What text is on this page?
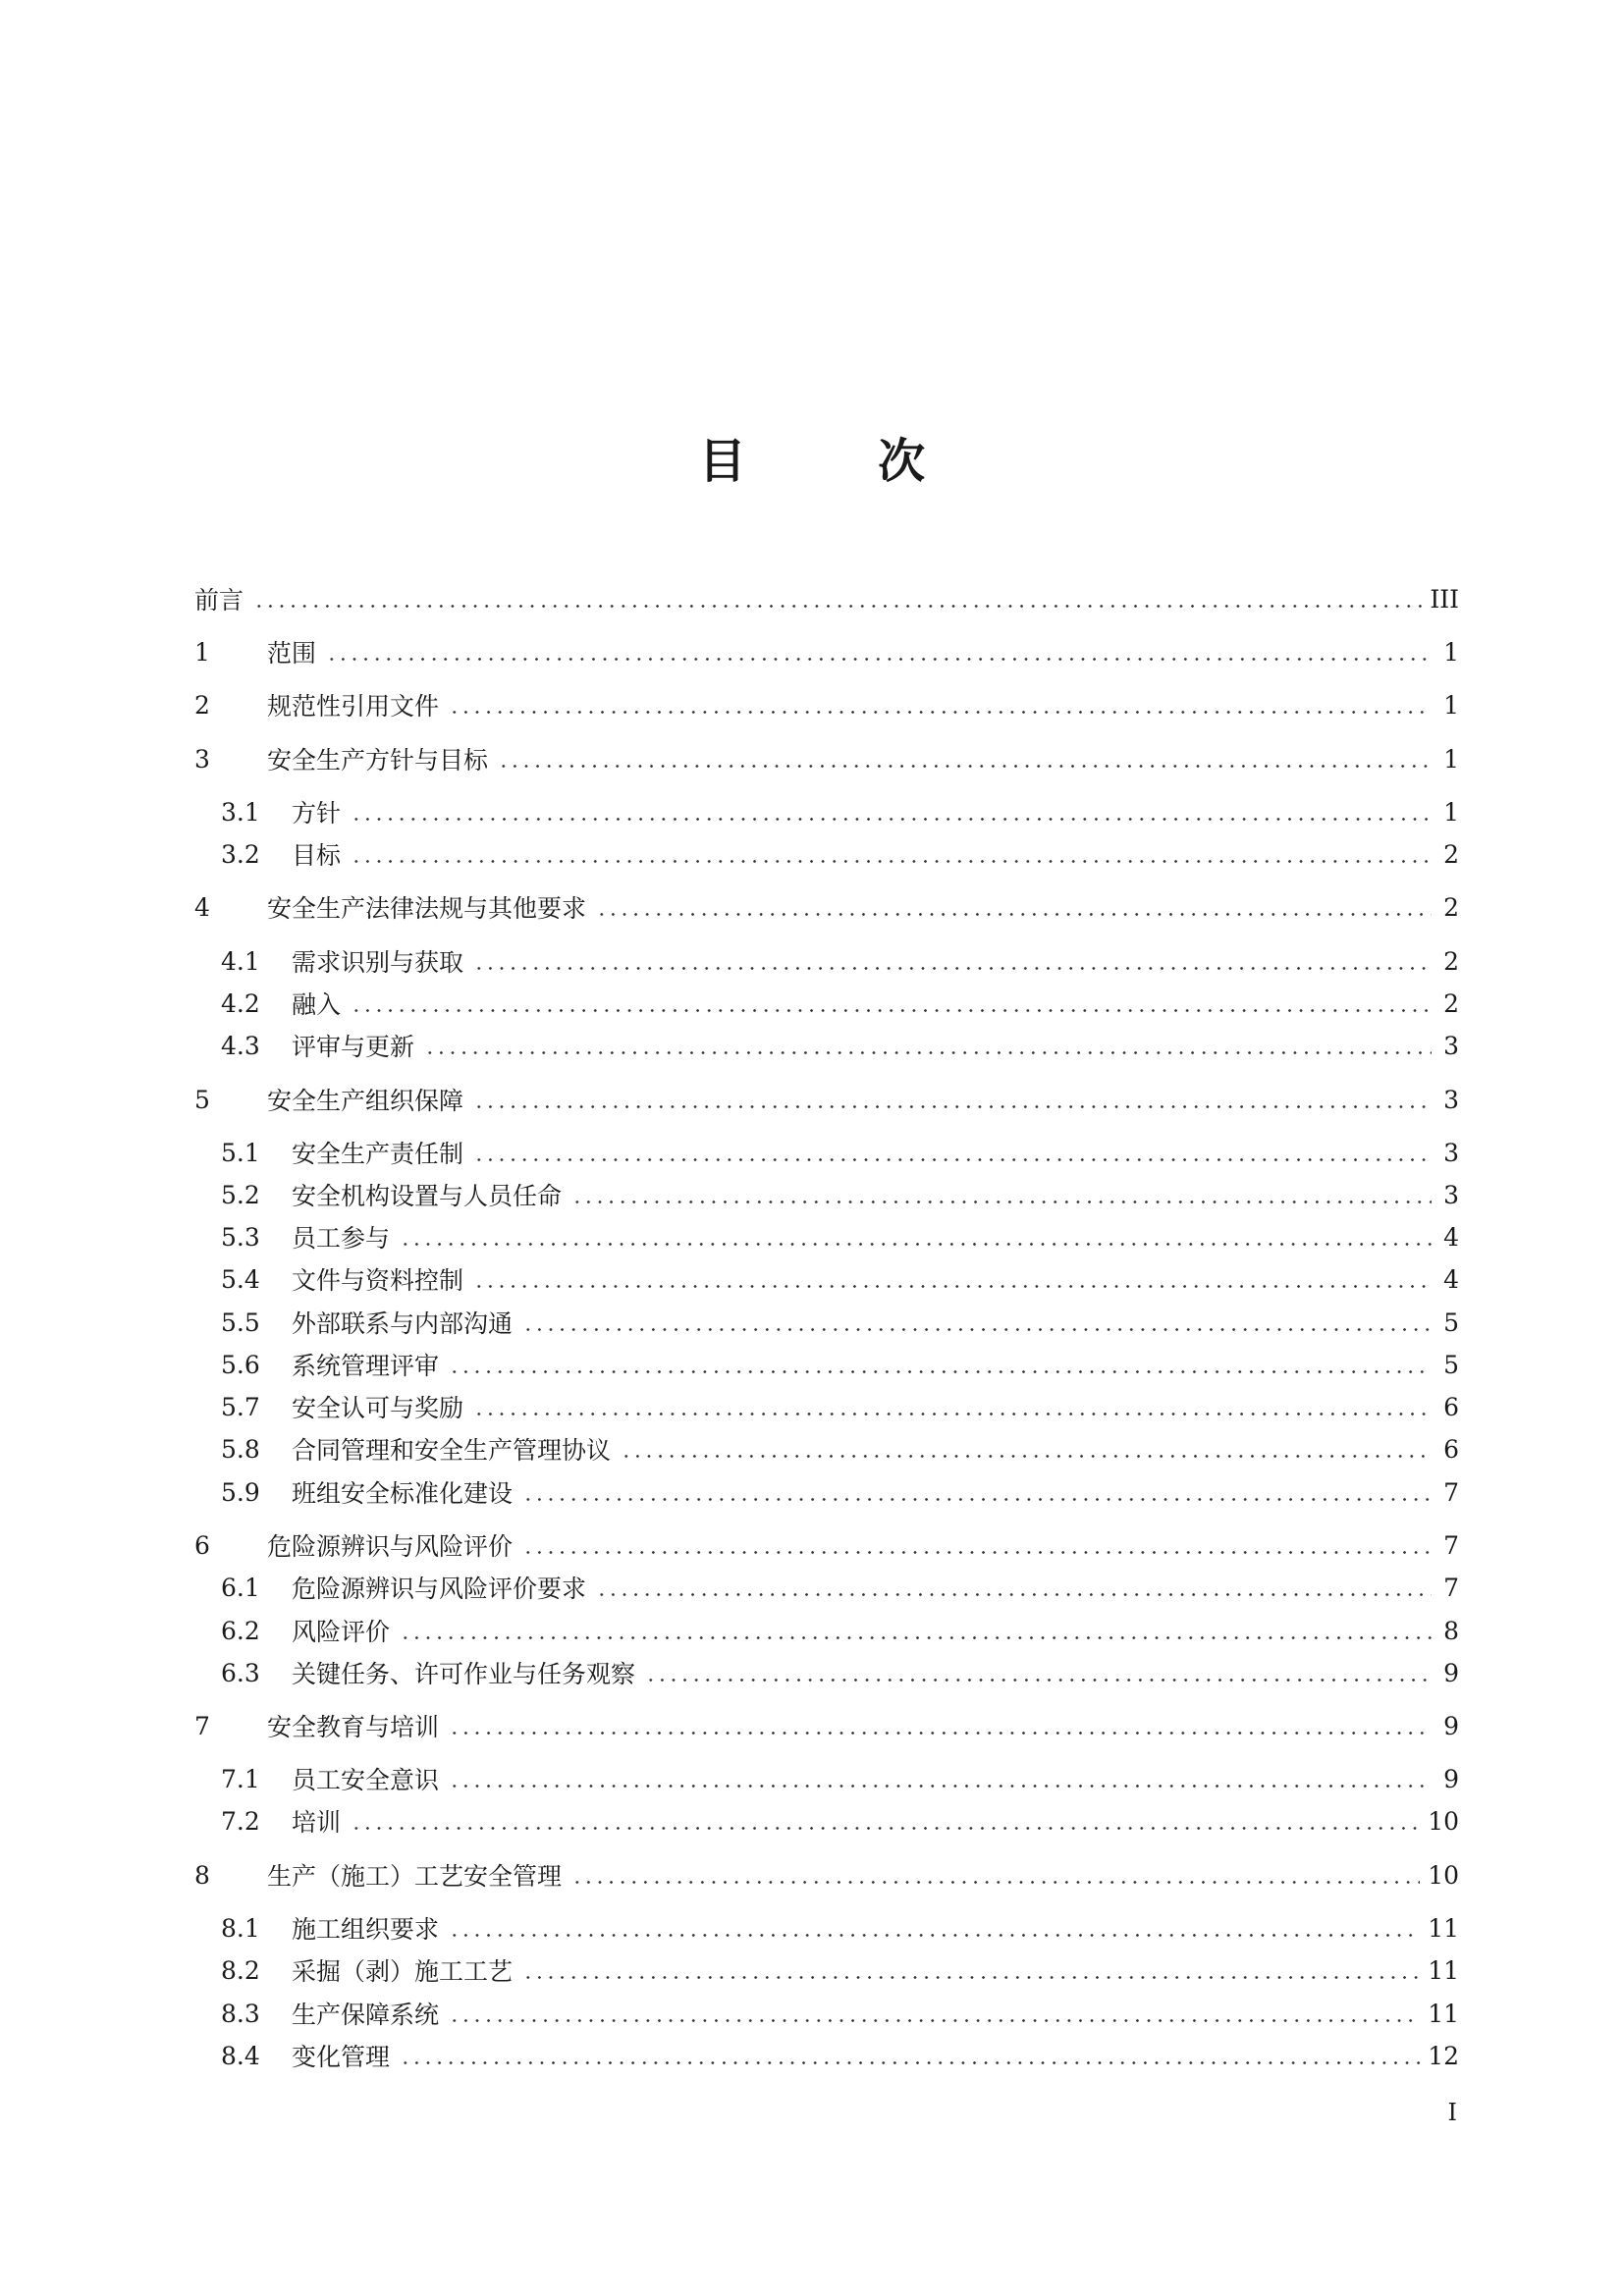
目　次
前言	III
1	范围	1
2	规范性引用文件	1
3	安全生产方针与目标	1
3.1	方针	1
3.2	目标	2
4	安全生产法律法规与其他要求	2
4.1	需求识别与获取	2
4.2	融入	2
4.3	评审与更新	3
5	安全生产组织保障	3
5.1	安全生产责任制	3
5.2	安全机构设置与人员任命	3
5.3	员工参与	4
5.4	文件与资料控制	4
5.5	外部联系与内部沟通	5
5.6	系统管理评审	5
5.7	安全认可与奖励	6
5.8	合同管理和安全生产管理协议	6
5.9	班组安全标准化建设	7
6	危险源辨识与风险评价	7
6.1	危险源辨识与风险评价要求	7
6.2	风险评价	8
6.3	关键任务、许可作业与任务观察	9
7	安全教育与培训	9
7.1	员工安全意识	9
7.2	培训	10
8	生产（施工）工艺安全管理	10
8.1	施工组织要求	11
8.2	采掘（剥）施工工艺	11
8.3	生产保障系统	11
8.4	变化管理	12
I
